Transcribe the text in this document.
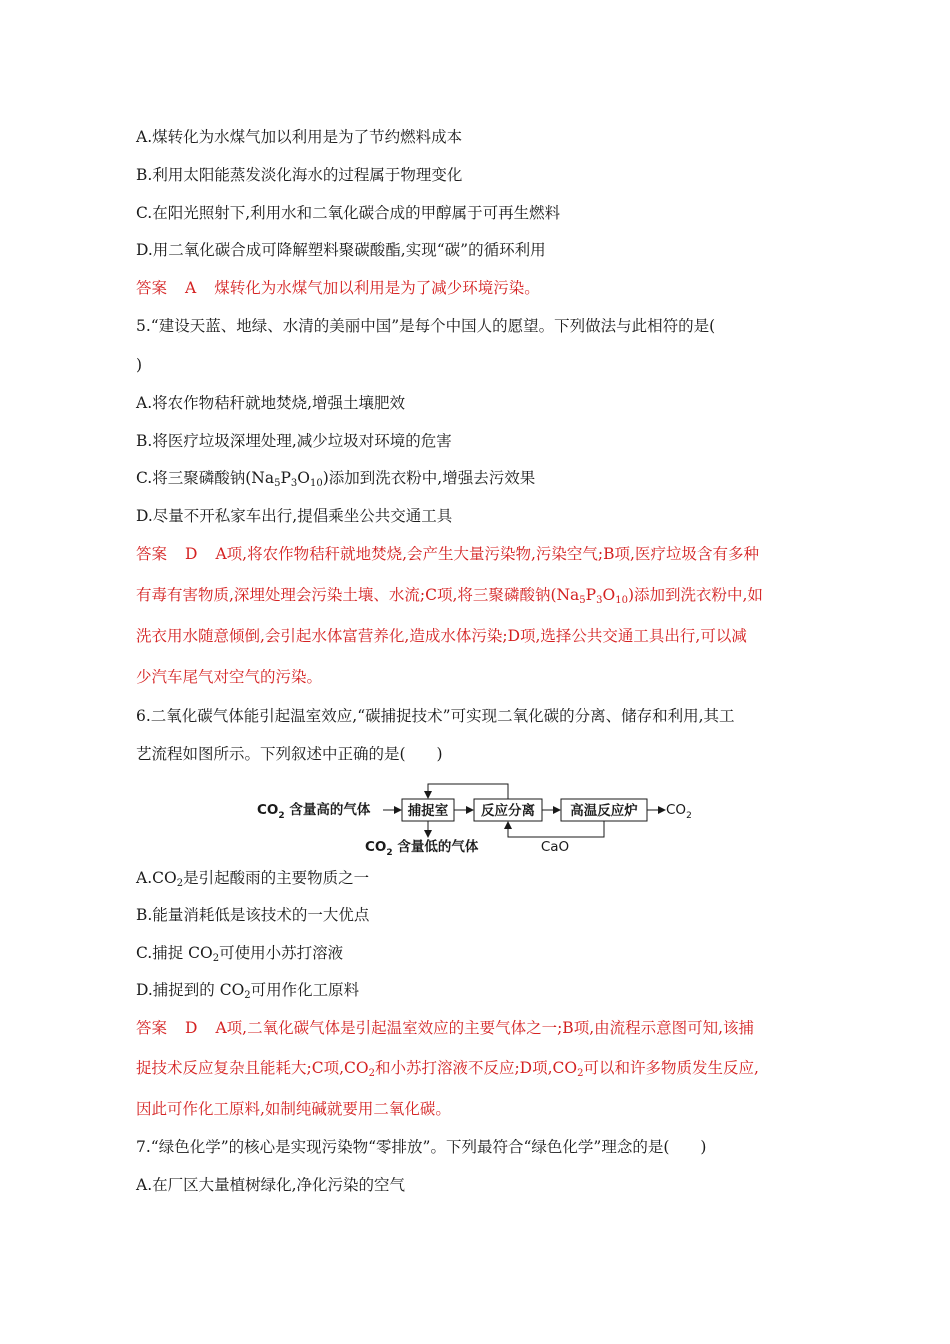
A.煤转化为水煤气加以利用是为了节约燃料成本
B.利用太阳能蒸发淡化海水的过程属于物理变化
C.在阳光照射下,利用水和二氧化碳合成的甲醇属于可再生燃料
D.用二氧化碳合成可降解塑料聚碳酸酯,实现“碳”的循环利用
答案 A 煤转化为水煤气加以利用是为了减少环境污染。
5.“建设天蓝、地绿、水清的美丽中国”是每个中国人的愿望。下列做法与此相符的是(
)
A.将农作物秸秆就地焚烧,增强土壤肥效
B.将医疗垃圾深埋处理,减少垃圾对环境的危害
C.将三聚磷酸钠$(Na_5P_3O_{10})$添加到洗衣粉中,增强去污效果
D.尽量不开私家车出行,提倡乘坐公共交通工具
答案 D A项,将农作物秸秆就地焚烧,会产生大量污染物,污染空气;B项,医疗垃圾含有多种
有毒有害物质,深埋处理会污染土壤、水流;C项,将三聚磷酸钠$(Na_5P_3O_{10})$添加到洗衣粉中,如
洗衣用水随意倾倒,会引起水体富营养化,造成水体污染;D项,选择公共交通工具出行,可以减
少汽车尾气对空气的污染。
6.二氧化碳气体能引起温室效应,“碳捕捉技术”可实现二氧化碳的分离、储存和利用,其工
艺流程如图所示。下列叙述中正确的是(　　)
$CO_2$ 含量高的气体	捕捉室 反应分离	高温反应炉 $CO_2$
$CO_2$ 含量低的气体	CaO
$A.CO_2$是引起酸雨的主要物质之一
B.能量消耗低是该技术的一大优点
C.捕捉 $CO_2$可使用小苏打溶液
D.捕捉到的 $CO_2$可用作化工原料
答案 D A项,二氧化碳气体是引起温室效应的主要气体之一;B项,由流程示意图可知,该捕
捉技术反应复杂且能耗大;C项$,CO_2$和小苏打溶液不反应;D项$,CO_2$可以和许多物质发生反应,
因此可作化工原料,如制纯碱就要用二氧化碳。
7.“绿色化学”的核心是实现污染物“零排放”。下列最符合“绿色化学”理念的是(　　)
A.在厂区大量植树绿化,净化污染的空气
